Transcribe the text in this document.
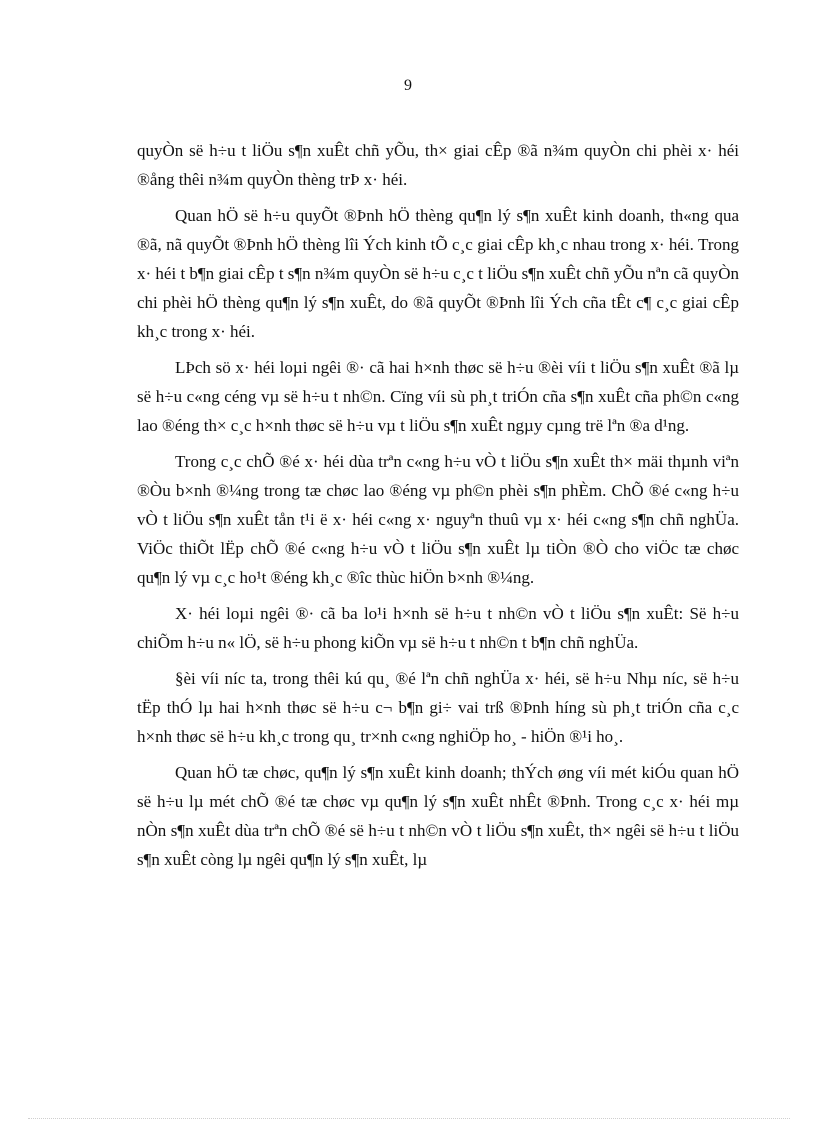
9

quyÒn së h÷u t liÖu s¶n xuÊt chñ yÕu, th× giai cÊp ®ã n¾m quyÒn chi phèi x· héi ®ång thêi n¾m quyÒn thèng trÞ x· héi.

Quan hÖ së h÷u quyÕt ®Þnh hÖ thèng qu¶n lý s¶n xuÊt kinh doanh, th«ng qua ®ã, nã quyÕt ®Þnh hÖ thèng lîi Ých kinh tÕ c¸c giai cÊp kh¸c nhau trong x· héi. Trong x· héi t b¶n giai cÊp t s¶n n¾m quyÒn së h÷u c¸c t liÖu s¶n xuÊt chñ yÕu nªn cã quyÒn chi phèi hÖ thèng qu¶n lý s¶n xuÊt, do ®ã quyÕt ®Þnh lîi Ých cña tÊt c¶ c¸c giai cÊp kh¸c trong x· héi.

LÞch sö x· héi loµi ngêi ®· cã hai h×nh thøc së h÷u ®èi víi t liÖu s¶n xuÊt ®ã lµ së h÷u c«ng céng vµ së h÷u t nh©n. Cïng víi sù ph¸t triÓn cña s¶n xuÊt cña ph©n c«ng lao ®éng th× c¸c h×nh thøc së h÷u vµ t liÖu s¶n xuÊt ngµy cµng trë lªn ®a d¹ng.

Trong c¸c chÕ ®é x· héi dùa trªn c«ng h÷u vÒ t liÖu s¶n xuÊt th× mäi thµnh viªn ®Òu b×nh ®¼ng trong tæ chøc lao ®éng vµ ph©n phèi s¶n phÈm. ChÕ ®é c«ng h÷u vÒ t liÖu s¶n xuÊt tån t¹i ë x· héi c«ng x· nguyªn thuû vµ x· héi c«ng s¶n chñ nghÜa. ViÖc thiÕt lËp chÕ ®é c«ng h÷u vÒ t liÖu s¶n xuÊt lµ tiÒn ®Ò cho viÖc tæ chøc qu¶n lý vµ c¸c ho¹t ®éng kh¸c ®îc thùc hiÖn b×nh ®¼ng.

X· héi loµi ngêi ®· cã ba lo¹i h×nh së h÷u t nh©n vÒ t liÖu s¶n xuÊt: Së h÷u chiÕm h÷u n« lÖ, së h÷u phong kiÕn vµ së h÷u t nh©n t b¶n chñ nghÜa.

§èi víi níc ta, trong thêi kú qu¸ ®é lªn chñ nghÜa x· héi, së h÷u Nhµ níc, së h÷u tËp thÓ lµ hai h×nh thøc së h÷u c¬ b¶n gi÷ vai trß ®Þnh híng sù ph¸t triÓn cña c¸c h×nh thøc së h÷u kh¸c trong qu¸ tr×nh c«ng nghiÖp ho¸ - hiÖn ®¹i ho¸.

Quan hÖ tæ chøc, qu¶n lý s¶n xuÊt kinh doanh; thÝch øng víi mét kiÓu quan hÖ së h÷u lµ mét chÕ ®é tæ chøc vµ qu¶n lý s¶n xuÊt nhÊt ®Þnh. Trong c¸c x· héi mµ nÒn s¶n xuÊt dùa trªn chÕ ®é së h÷u t nh©n vÒ t liÖu s¶n xuÊt, th× ngêi së h÷u t liÖu s¶n xuÊt còng lµ ngêi qu¶n lý s¶n xuÊt, lµ
